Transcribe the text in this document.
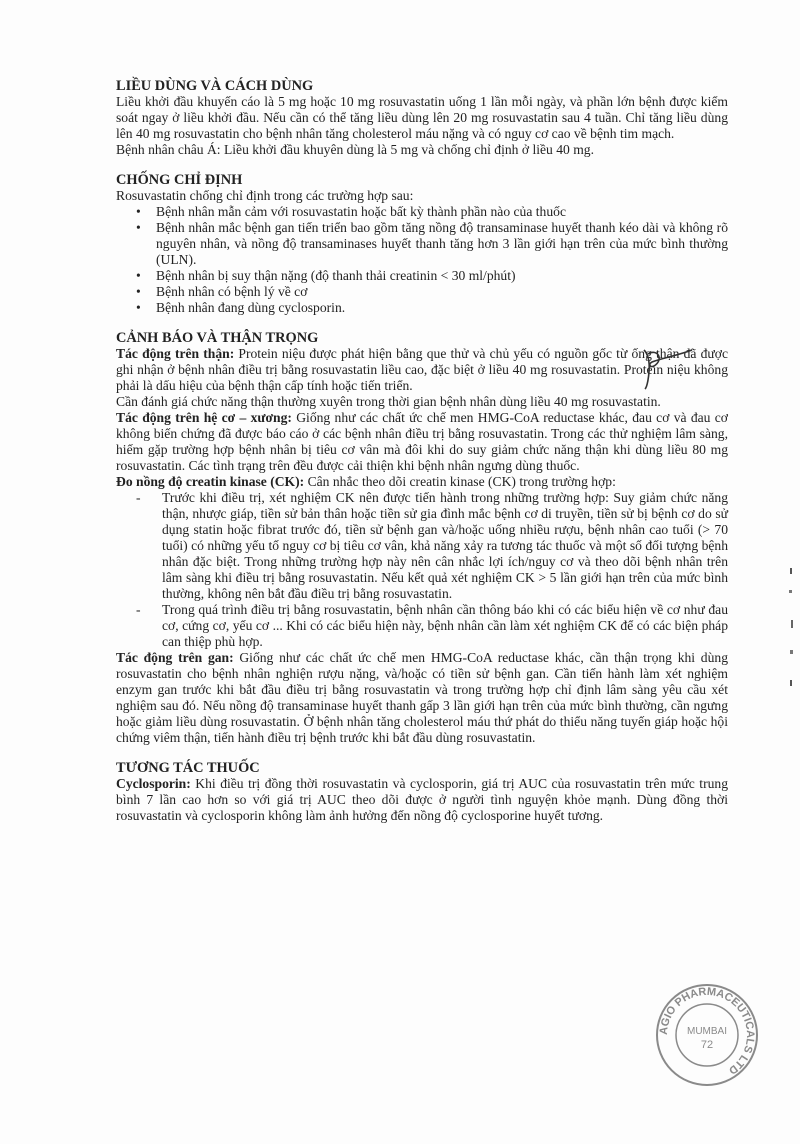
LIỀU DÙNG VÀ CÁCH DÙNG

Liều khởi đầu khuyến cáo là 5 mg hoặc 10 mg rosuvastatin uống 1 lần mỗi ngày, và phần lớn bệnh được kiểm soát ngay ở liều khởi đầu. Nếu cần có thể tăng liều dùng lên 20 mg rosuvastatin sau 4 tuần. Chỉ tăng liều dùng lên 40 mg rosuvastatin cho bệnh nhân tăng cholesterol máu nặng và có nguy cơ cao về bệnh tim mạch.

Bệnh nhân châu Á: Liều khởi đầu khuyên dùng là 5 mg và chống chỉ định ở liều 40 mg.

CHỐNG CHỈ ĐỊNH

Rosuvastatin chống chỉ định trong các trường hợp sau:

• Bệnh nhân mẫn cảm với rosuvastatin hoặc bất kỳ thành phần nào của thuốc
• Bệnh nhân mắc bệnh gan tiến triển bao gồm tăng nồng độ transaminase huyết thanh kéo dài và không rõ nguyên nhân, và nồng độ transaminases huyết thanh tăng hơn 3 lần giới hạn trên của mức bình thường (ULN).
• Bệnh nhân bị suy thận nặng (độ thanh thải creatinin < 30 ml/phút)
• Bệnh nhân có bệnh lý về cơ
• Bệnh nhân đang dùng cyclosporin.
CẢNH BÁO VÀ THẬN TRỌNG

Tác động trên thận: Protein niệu được phát hiện bằng que thử và chủ yếu có nguồn gốc từ ống thận đã được ghi nhận ở bệnh nhân điều trị bằng rosuvastatin liều cao, đặc biệt ở liều 40 mg rosuvastatin. Protein niệu không phải là dấu hiệu của bệnh thận cấp tính hoặc tiến triển.

Cần đánh giá chức năng thận thường xuyên trong thời gian bệnh nhân dùng liều 40 mg rosuvastatin.

Tác động trên hệ cơ – xương: Giống như các chất ức chế men HMG-CoA reductase khác, đau cơ và đau cơ không biến chứng đã được báo cáo ở các bệnh nhân điều trị bằng rosuvastatin. Trong các thử nghiệm lâm sàng, hiếm gặp trường hợp bệnh nhân bị tiêu cơ vân mà đôi khi do suy giảm chức năng thận khi dùng liều 80 mg rosuvastatin. Các tình trạng trên đều được cải thiện khi bệnh nhân ngưng dùng thuốc.

Đo nồng độ creatin kinase (CK): Cân nhắc theo dõi creatin kinase (CK) trong trường hợp:

- Trước khi điều trị, xét nghiệm CK nên được tiến hành trong những trường hợp: Suy giảm chức năng thận, nhược giáp, tiền sử bản thân hoặc tiền sử gia đình mắc bệnh cơ di truyền, tiền sử bị bệnh cơ do sử dụng statin hoặc fibrat trước đó, tiền sử bệnh gan và/hoặc uống nhiều rượu, bệnh nhân cao tuổi (> 70 tuổi) có những yếu tố nguy cơ bị tiêu cơ vân, khả năng xảy ra tương tác thuốc và một số đối tượng bệnh nhân đặc biệt. Trong những trường hợp này nên cân nhắc lợi ích/nguy cơ và theo dõi bệnh nhân trên lâm sàng khi điều trị bằng rosuvastatin. Nếu kết quả xét nghiệm CK > 5 lần giới hạn trên của mức bình thường, không nên bắt đầu điều trị bằng rosuvastatin.
- Trong quá trình điều trị bằng rosuvastatin, bệnh nhân cần thông báo khi có các biểu hiện về cơ như đau cơ, cứng cơ, yếu cơ ... Khi có các biểu hiện này, bệnh nhân cần làm xét nghiệm CK để có các biện pháp can thiệp phù hợp.

Tác động trên gan: Giống như các chất ức chế men HMG-CoA reductase khác, cần thận trọng khi dùng rosuvastatin cho bệnh nhân nghiện rượu nặng, và/hoặc có tiền sử bệnh gan. Cần tiến hành làm xét nghiệm enzym gan trước khi bắt đầu điều trị bằng rosuvastatin và trong trường hợp chỉ định lâm sàng yêu cầu xét nghiệm sau đó. Nếu nồng độ transaminase huyết thanh gấp 3 lần giới hạn trên của mức bình thường, cần ngưng hoặc giảm liều dùng rosuvastatin. Ở bệnh nhân tăng cholesterol máu thứ phát do thiểu năng tuyến giáp hoặc hội chứng viêm thận, tiến hành điều trị bệnh trước khi bắt đầu dùng rosuvastatin.

TƯƠNG TÁC THUỐC

Cyclosporin: Khi điều trị đồng thời rosuvastatin và cyclosporin, giá trị AUC của rosuvastatin trên mức trung bình 7 lần cao hơn so với giá trị AUC theo dõi được ở người tình nguyện khỏe mạnh. Dùng đồng thời rosuvastatin và cyclosporin không làm ảnh hưởng đến nồng độ cyclosporine huyết tương.

AGIO PHARMACEUTICALS LTD
MUMBAI
72
